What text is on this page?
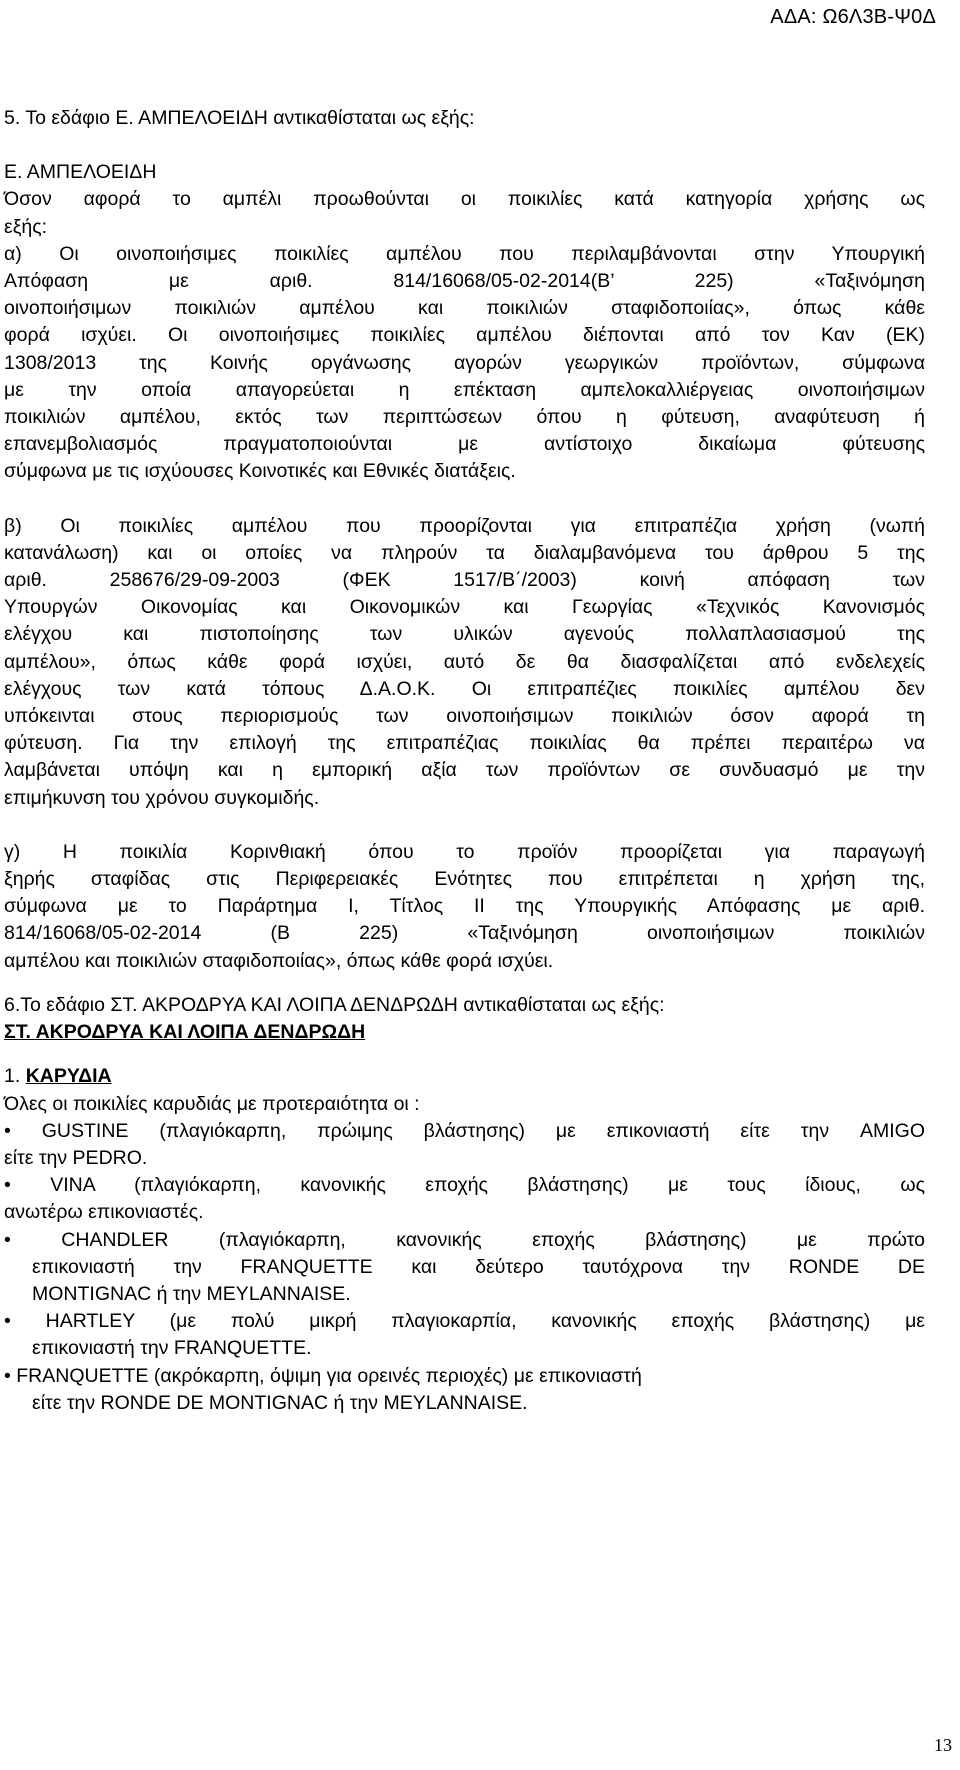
ΑΔΑ: Ω6Λ3Β-Ψ0Δ

5. Το εδάφιο Ε. ΑΜΠΕΛΟΕΙΔΗ αντικαθίσταται ως εξής:

Ε. ΑΜΠΕΛΟΕΙΔΗ

Όσον αφορά το αμπέλι προωθούνται οι ποικιλίες κατά κατηγορία χρήσης ως

εξής:

α) Οι οινοποιήσιμες ποικιλίες αμπέλου που περιλαμβάνονται στην Υπουργική

Απόφαση με αριθ. 814/16068/05-02-2014(Β’ 225) «Ταξινόμηση

οινοποιήσιμων ποικιλιών αμπέλου και ποικιλιών σταφιδοποιίας», όπως κάθε

φορά ισχύει. Οι οινοποιήσιμες ποικιλίες αμπέλου διέπονται από τον Καν (ΕΚ)

1308/2013 της Κοινής οργάνωσης αγορών γεωργικών προϊόντων, σύμφωνα

με την οποία απαγορεύεται η επέκταση αμπελοκαλλιέργειας οινοποιήσιμων

ποικιλιών αμπέλου, εκτός των περιπτώσεων όπου η φύτευση, αναφύτευση ή

επανεμβολιασμός πραγματοποιούνται με αντίστοιχο δικαίωμα φύτευσης

σύμφωνα με τις ισχύουσες Κοινοτικές και Εθνικές διατάξεις.

β) Οι ποικιλίες αμπέλου που προορίζονται για επιτραπέζια χρήση (νωπή

κατανάλωση) και οι οποίες να πληρούν τα διαλαμβανόμενα του άρθρου 5 της

αριθ. 258676/29-09-2003 (ΦΕΚ 1517/Β΄/2003) κοινή απόφαση των

Υπουργών Οικονομίας και Οικονομικών και Γεωργίας «Τεχνικός Κανονισμός

ελέγχου και πιστοποίησης των υλικών αγενούς πολλαπλασιασμού της

αμπέλου», όπως κάθε φορά ισχύει, αυτό δε θα διασφαλίζεται από ενδελεχείς

ελέγχους των κατά τόπους Δ.Α.Ο.Κ. Οι επιτραπέζιες ποικιλίες αμπέλου δεν

υπόκεινται στους περιορισμούς των οινοποιήσιμων ποικιλιών όσον αφορά τη

φύτευση. Για την επιλογή της επιτραπέζιας ποικιλίας θα πρέπει περαιτέρω να

λαμβάνεται υπόψη και η εμπορική αξία των προϊόντων σε συνδυασμό με την

επιμήκυνση του χρόνου συγκομιδής.

γ) Η ποικιλία Κορινθιακή όπου το προϊόν προορίζεται για παραγωγή

ξηρής σταφίδας στις Περιφερειακές Ενότητες που επιτρέπεται η χρήση της,

σύμφωνα με το Παράρτημα Ι, Τίτλος ΙΙ της Υπουργικής Απόφασης με αριθ.

814/16068/05-02-2014 (Β 225) «Ταξινόμηση οινοποιήσιμων ποικιλιών

αμπέλου και ποικιλιών σταφιδοποιίας», όπως κάθε φορά ισχύει.

6.Το εδάφιο ΣΤ. ΑΚΡΟΔΡΥΑ ΚΑΙ ΛΟΙΠΑ ΔΕΝΔΡΩΔΗ αντικαθίσταται ως εξής:

ΣΤ. ΑΚΡΟΔΡΥΑ ΚΑΙ ΛΟΙΠΑ ΔΕΝΔΡΩΔΗ

1. ΚΑΡΥΔΙΑ

Όλες οι ποικιλίες καρυδιάς με προτεραιότητα οι :

• GUSTINE (πλαγιόκαρπη, πρώιμης βλάστησης) με επικονιαστή είτε την AMIGO

είτε την PEDRO.

• VINA (πλαγιόκαρπη, κανονικής εποχής βλάστησης) με τους ίδιους, ως

ανωτέρω επικονιαστές.

• CHANDLER (πλαγιόκαρπη, κανονικής εποχής βλάστησης) με πρώτο

επικονιαστή την FRANQUETTE και δεύτερο ταυτόχρονα την RONDE DE

MONTIGNAC ή την MEYLANNAISE.

• HARTLEY (με πολύ μικρή πλαγιοκαρπία, κανονικής εποχής βλάστησης) με

επικονιαστή την FRANQUETTE.

• FRANQUETTE (ακρόκαρπη, όψιμη για ορεινές περιοχές) με επικονιαστή

είτε την RONDE DE MONTIGNAC ή την MEYLANNAISE.

13
